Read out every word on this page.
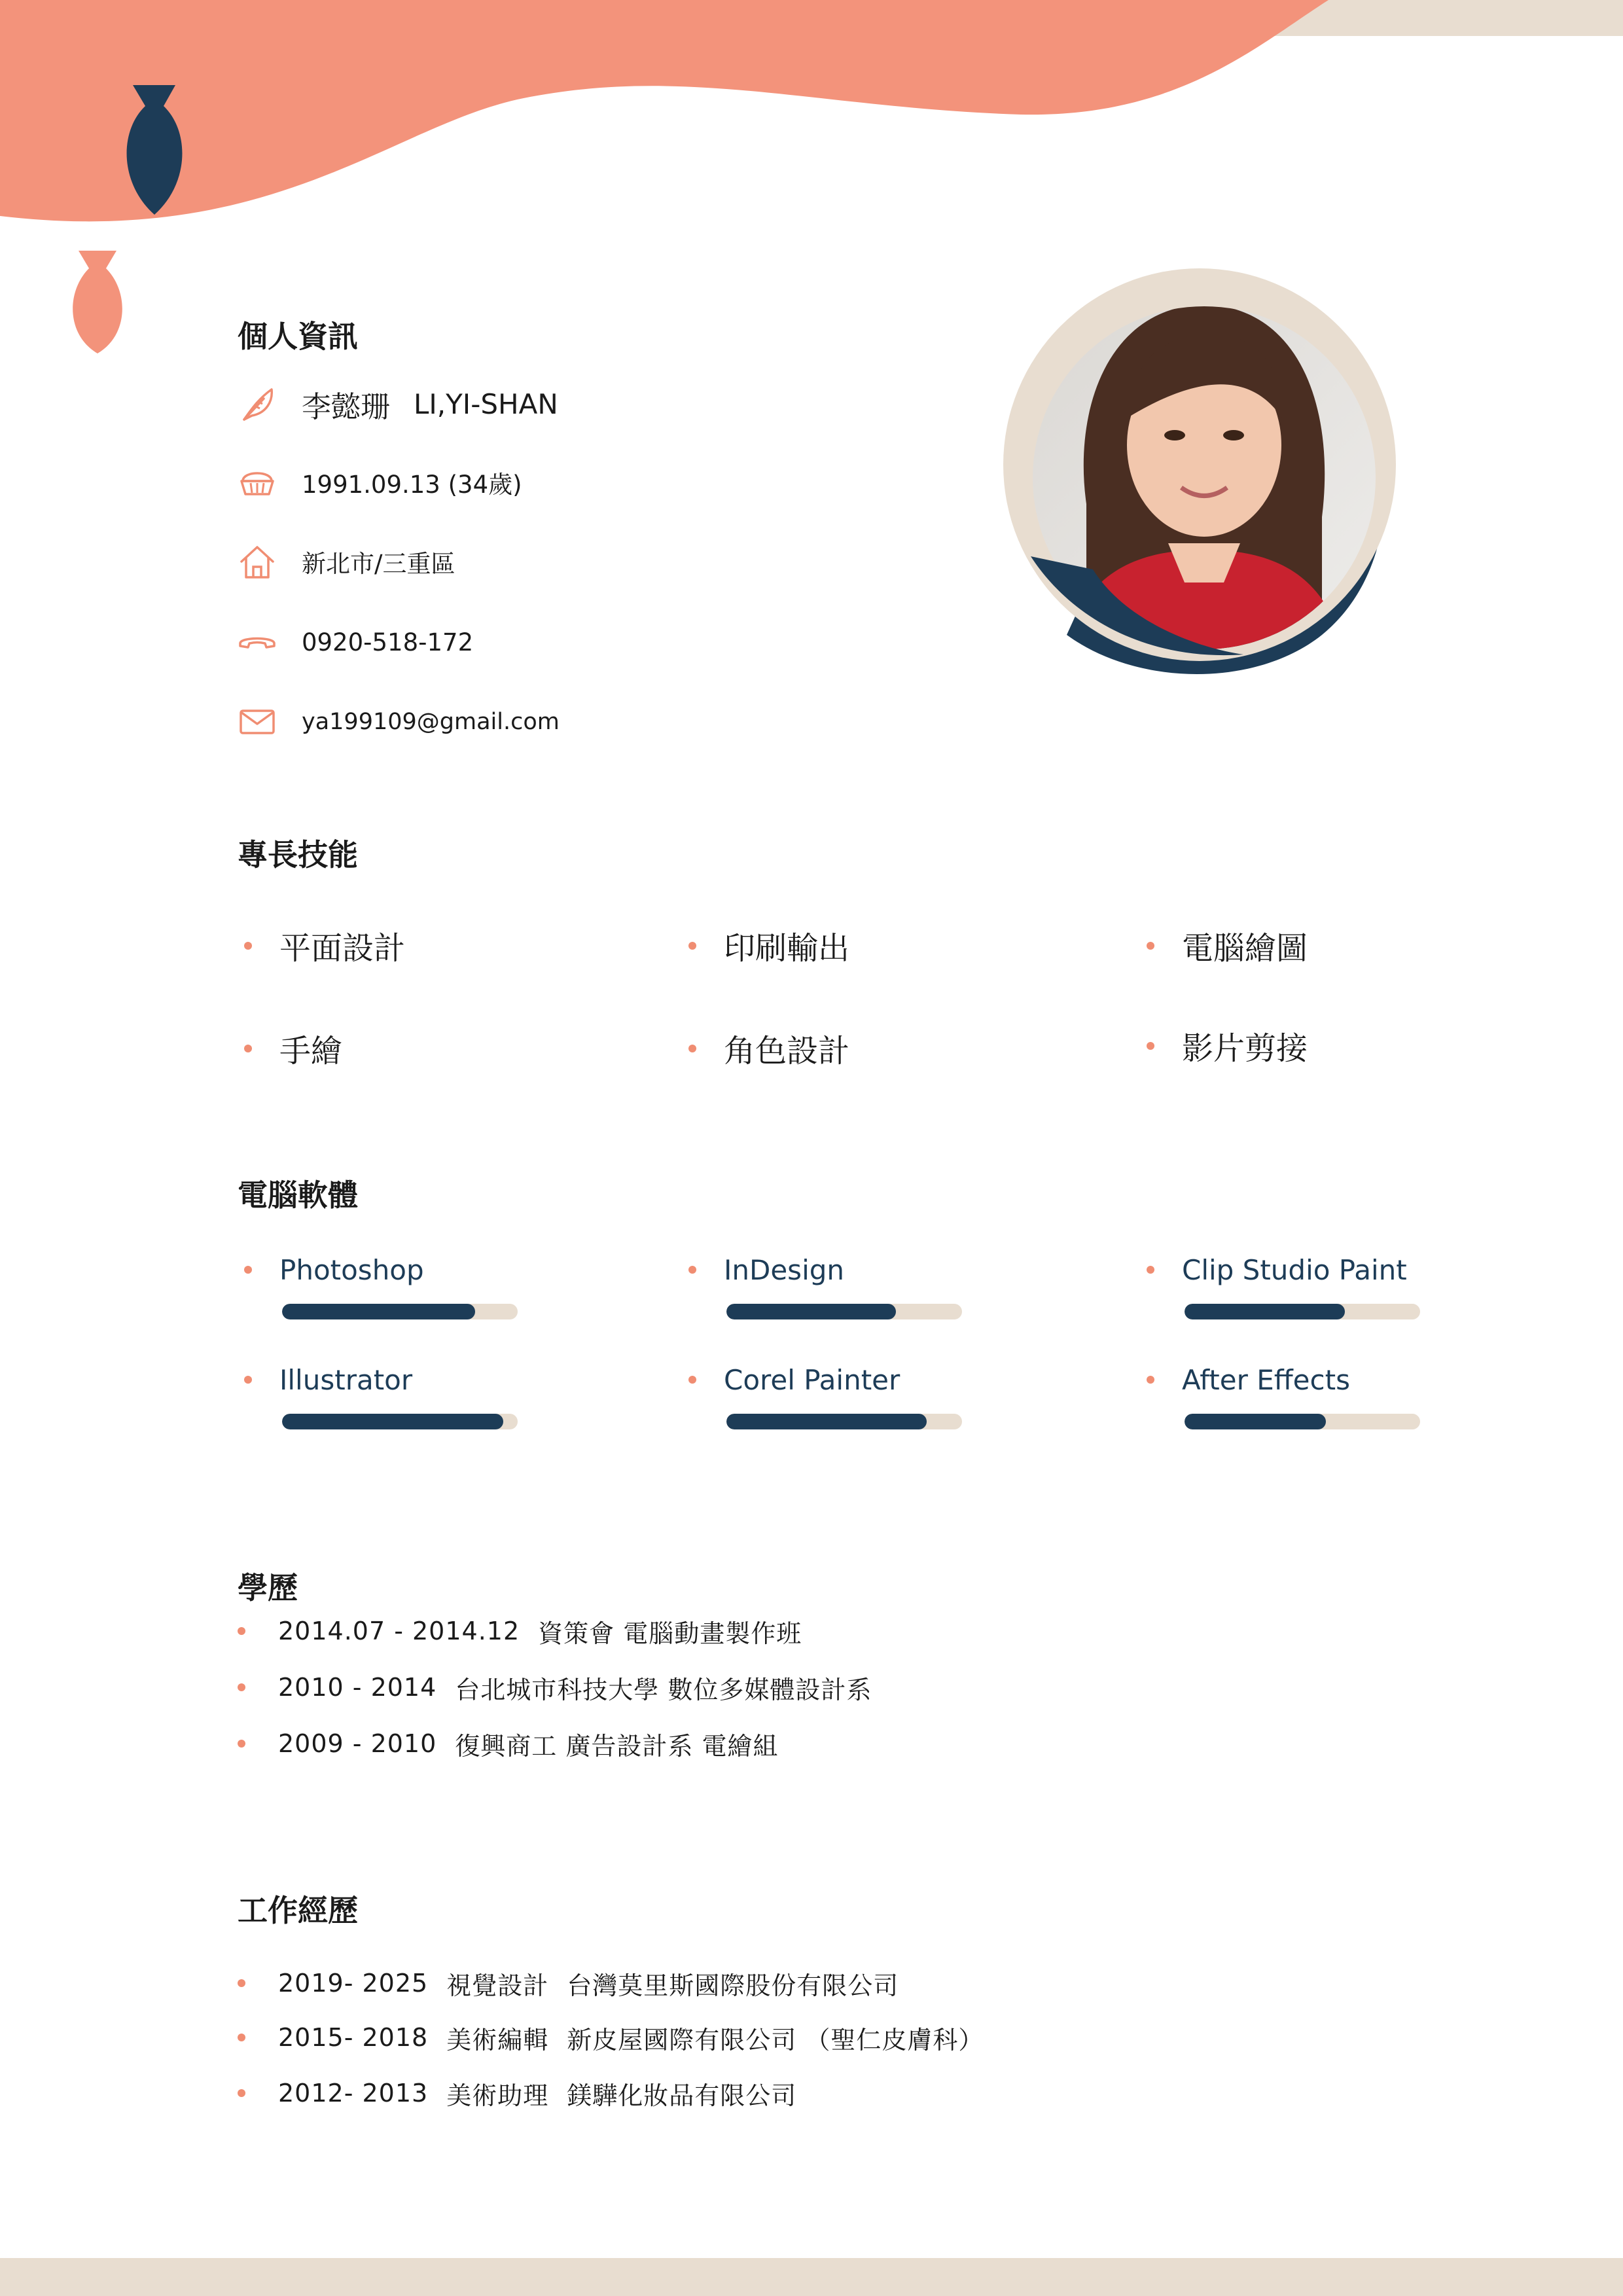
個人資訊
李懿珊 LI,YI-SHAN
1991.09.13 (34歲)
新北市/三重區
0920-518-172
ya199109@gmail.com
專長技能
平面設計	印刷輸出	電腦繪圖
手繪	角色設計	影片剪接
電腦軟體
Photoshop	InDesign	Clip Studio Paint
Illustrator	Corel Painter	After Effects
學歷
2014.07 - 2014.12 資策會 電腦動畫製作班
2010 - 2014 台北城市科技大學 數位多媒體設計系
2009 - 2010 復興商工 廣告設計系 電繪組
工作經歷
2019- 2025 視覺設計 台灣莫里斯國際股份有限公司
2015- 2018 美術編輯 新皮屋國際有限公司 （聖仁皮膚科）
2012- 2013 美術助理 鎂驊化妝品有限公司
